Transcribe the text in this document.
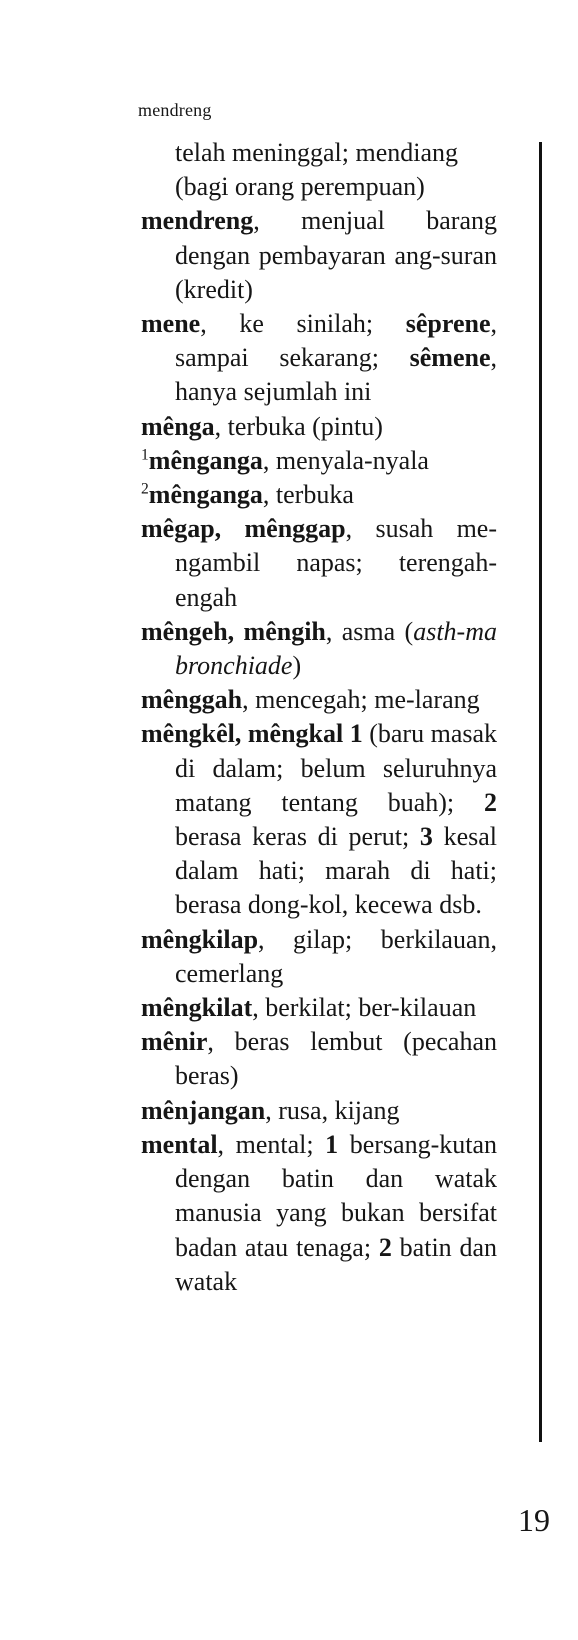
mendreng
telah meninggal; mendiang (bagi orang perempuan)
mendreng, menjual barang dengan pembayaran ang-suran (kredit)
mene, ke sinilah; sêprene, sampai sekarang; sêmene, hanya sejumlah ini
mênga, terbuka (pintu)
$^1$mênganga, menyala-nyala
$^2$mênganga, terbuka
mêgap, mênggap, susah me-ngambil napas; terengah-engah
mêngeh, mêngih, asma (asth-ma bronchiade)
mênggah, mencegah; me-larang
mêngkêl, mêngkal 1 (baru masak di dalam; belum seluruhnya matang tentang buah); 2 berasa keras di perut; 3 kesal dalam hati; marah di hati; berasa dong-kol, kecewa dsb.
mêngkilap, gilap; berkilauan, cemerlang
mêngkilat, berkilat; ber-kilauan
mênir, beras lembut (pecahan beras)
mênjangan, rusa, kijang
mental, mental; 1 bersang-kutan dengan batin dan watak manusia yang bukan bersifat badan atau tenaga; 2 batin dan watak
19
